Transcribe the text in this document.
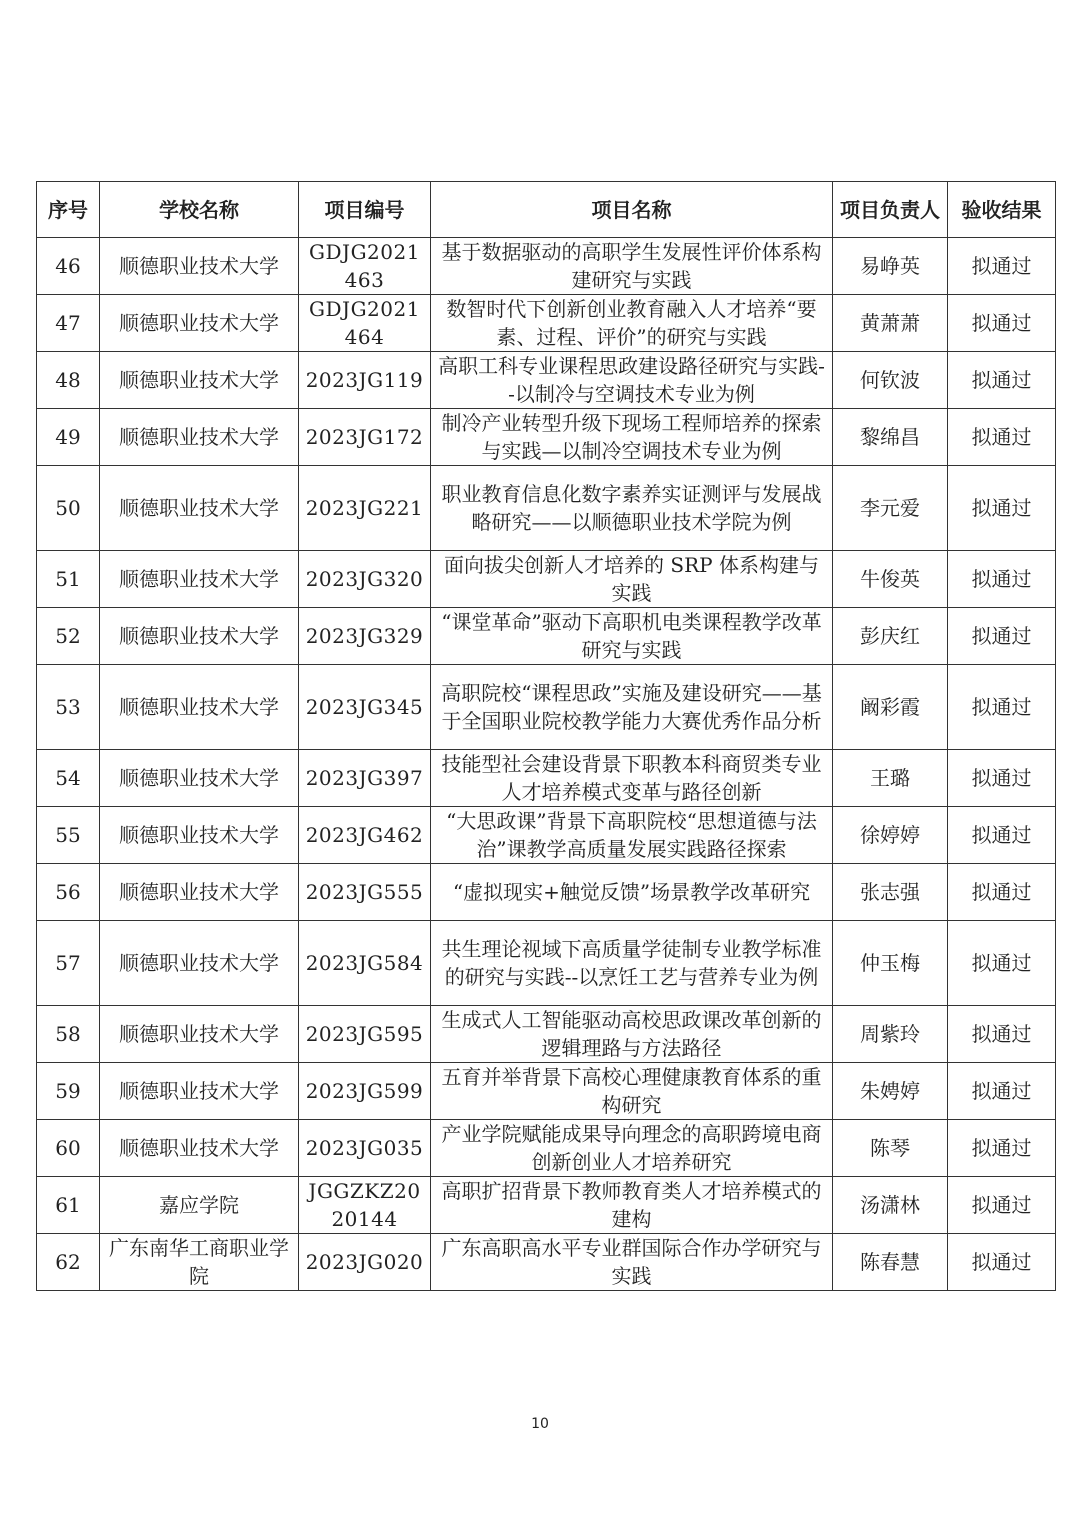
序号	学校名称	项目编号	项目名称	项目负责人	验收结果
46	顺德职业技术大学	GDJG2021463	基于数据驱动的高职学生发展性评价体系构建研究与实践	易峥英	拟通过
47	顺德职业技术大学	GDJG2021464	数智时代下创新创业教育融入人才培养“要素、过程、评价”的研究与实践	黄萧萧	拟通过
48	顺德职业技术大学	2023JG119	高职工科专业课程思政建设路径研究与实践--以制冷与空调技术专业为例	何钦波	拟通过
49	顺德职业技术大学	2023JG172	制冷产业转型升级下现场工程师培养的探索与实践—以制冷空调技术专业为例	黎绵昌	拟通过
50	顺德职业技术大学	2023JG221	职业教育信息化数字素养实证测评与发展战略研究——以顺德职业技术学院为例	李元爱	拟通过
51	顺德职业技术大学	2023JG320	面向拔尖创新人才培养的 SRP 体系构建与实践	牛俊英	拟通过
52	顺德职业技术大学	2023JG329	“课堂革命”驱动下高职机电类课程教学改革研究与实践	彭庆红	拟通过
53	顺德职业技术大学	2023JG345	高职院校“课程思政”实施及建设研究——基于全国职业院校教学能力大赛优秀作品分析	阚彩霞	拟通过
54	顺德职业技术大学	2023JG397	技能型社会建设背景下职教本科商贸类专业人才培养模式变革与路径创新	王璐	拟通过
55	顺德职业技术大学	2023JG462	“大思政课”背景下高职院校“思想道德与法治”课教学高质量发展实践路径探索	徐婷婷	拟通过
56	顺德职业技术大学	2023JG555	“虚拟现实+触觉反馈”场景教学改革研究	张志强	拟通过
57	顺德职业技术大学	2023JG584	共生理论视域下高质量学徒制专业教学标准的研究与实践--以烹饪工艺与营养专业为例	仲玉梅	拟通过
58	顺德职业技术大学	2023JG595	生成式人工智能驱动高校思政课改革创新的逻辑理路与方法路径	周紫玲	拟通过
59	顺德职业技术大学	2023JG599	五育并举背景下高校心理健康教育体系的重构研究	朱娉婷	拟通过
60	顺德职业技术大学	2023JG035	产业学院赋能成果导向理念的高职跨境电商创新创业人才培养研究	陈琴	拟通过
61	嘉应学院	JGGZKZ2020144	高职扩招背景下教师教育类人才培养模式的建构	汤潇林	拟通过
62	广东南华工商职业学院	2023JG020	广东高职高水平专业群国际合作办学研究与实践	陈春慧	拟通过
10
